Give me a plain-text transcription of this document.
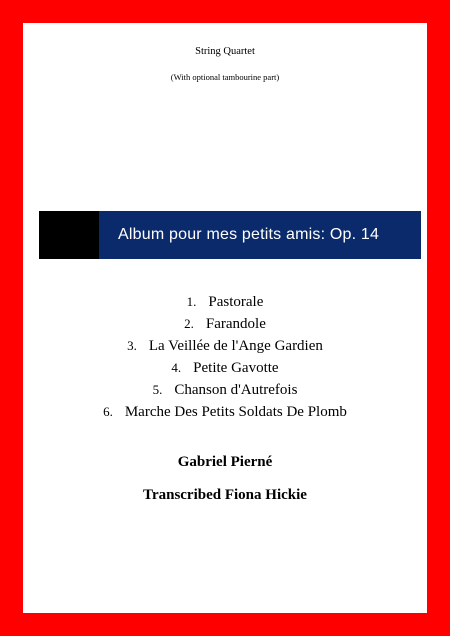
String Quartet
(With optional tambourine part)
Album pour mes petits amis: Op. 14
1. Pastorale
2. Farandole
3. La Veillée de l'Ange Gardien
4. Petite Gavotte
5. Chanson d'Autrefois
6. Marche Des Petits Soldats De Plomb
Gabriel Pierné
Transcribed Fiona Hickie
